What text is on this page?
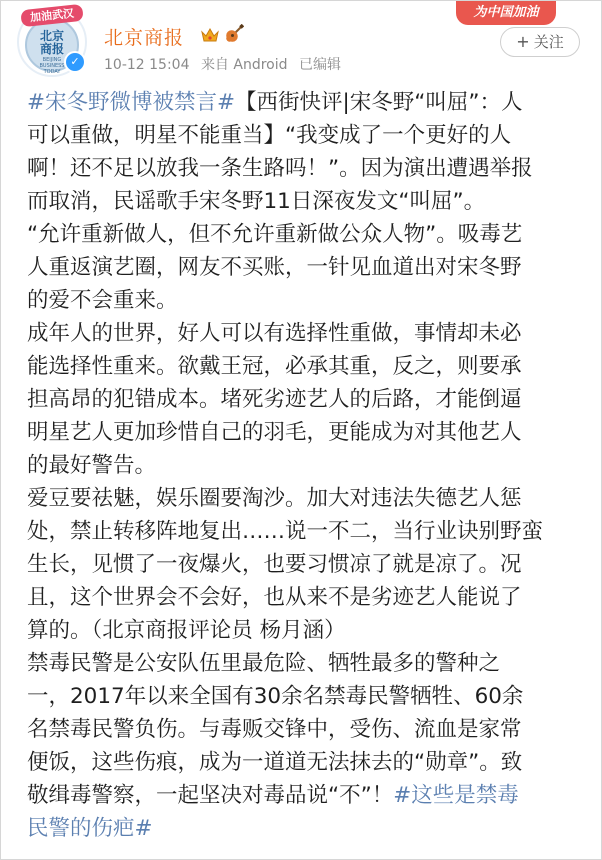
北京
商报
BEIJING
BUSINESS
TODAY
加油武汉
✓
北京商报
10-12 15:04 来自 Android 已编辑
为中国加油
+ 关注
#宋冬野微博被禁言#【西街快评|宋冬野“叫屈”：人
可以重做，明星不能重当】“我变成了一个更好的人
啊！还不足以放我一条生路吗！”。因为演出遭遇举报
而取消，民谣歌手宋冬野11日深夜发文“叫屈”。
“允许重新做人，但不允许重新做公众人物”。吸毒艺
人重返演艺圈，网友不买账，一针见血道出对宋冬野
的爱不会重来。
成年人的世界，好人可以有选择性重做，事情却未必
能选择性重来。欲戴王冠，必承其重，反之，则要承
担高昂的犯错成本。堵死劣迹艺人的后路，才能倒逼
明星艺人更加珍惜自己的羽毛，更能成为对其他艺人
的最好警告。
爱豆要祛魅，娱乐圈要淘沙。加大对违法失德艺人惩
处，禁止转移阵地复出……说一不二，当行业诀别野蛮
生长，见惯了一夜爆火，也要习惯凉了就是凉了。况
且，这个世界会不会好，也从来不是劣迹艺人能说了
算的。（北京商报评论员 杨月涵）
禁毒民警是公安队伍里最危险、牺牲最多的警种之
一，2017年以来全国有30余名禁毒民警牺牲、60余
名禁毒民警负伤。与毒贩交锋中，受伤、流血是家常
便饭，这些伤痕，成为一道道无法抹去的“勋章”。致
敬缉毒警察，一起坚决对毒品说“不”！#这些是禁毒
民警的伤疤#
